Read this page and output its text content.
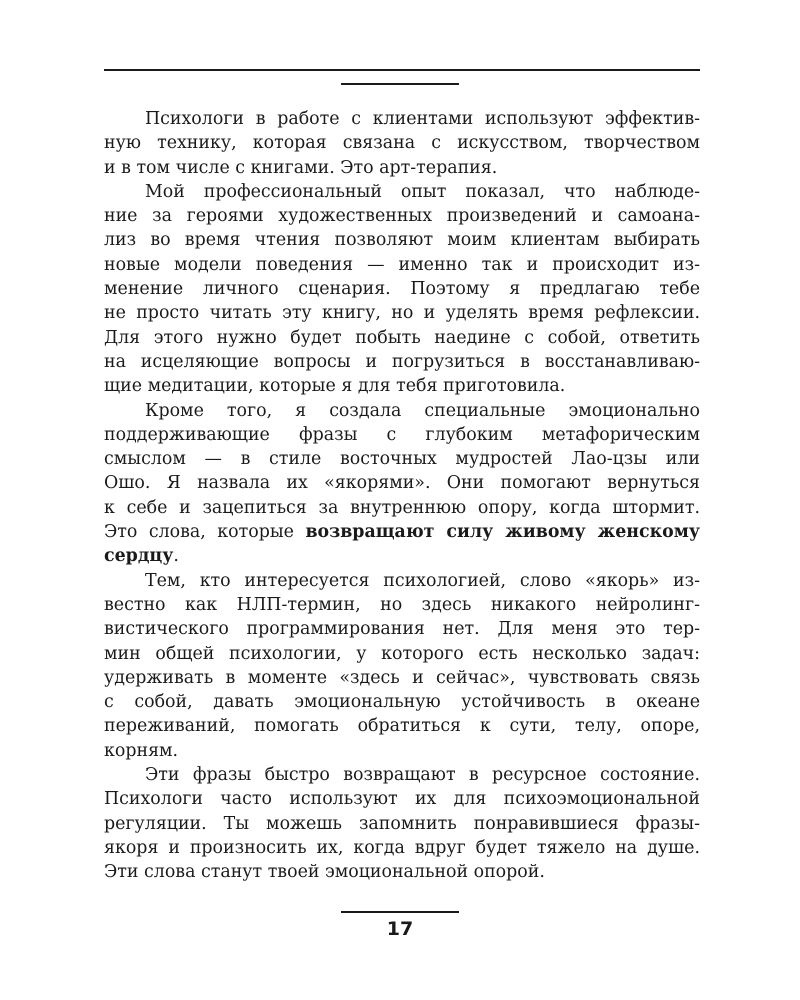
Психологи в работе с клиентами используют эффектив-
ную технику, которая связана с искусством, творчеством
и в том числе с книгами. Это арт-терапия.
Мой профессиональный опыт показал, что наблюде-
ние за героями художественных произведений и самоана-
лиз во время чтения позволяют моим клиентам выбирать
новые модели поведения — именно так и происходит из-
менение личного сценария. Поэтому я предлагаю тебе
не просто читать эту книгу, но и уделять время рефлексии.
Для этого нужно будет побыть наедине с собой, ответить
на исцеляющие вопросы и погрузиться в восстанавливаю-
щие медитации, которые я для тебя приготовила.
Кроме того, я создала специальные эмоционально
поддерживающие фразы с глубоким метафорическим
смыслом — в стиле восточных мудростей Лао-цзы или
Ошо. Я назвала их «якорями». Они помогают вернуться
к себе и зацепиться за внутреннюю опору, когда штормит.
Это слова, которые возвращают силу живому женскому
сердцу.
Тем, кто интересуется психологией, слово «якорь» из-
вестно как НЛП-термин, но здесь никакого нейролинг-
вистического программирования нет. Для меня это тер-
мин общей психологии, у которого есть несколько задач:
удерживать в моменте «здесь и сейчас», чувствовать связь
с собой, давать эмоциональную устойчивость в океане
переживаний, помогать обратиться к сути, телу, опоре,
корням.
Эти фразы быстро возвращают в ресурсное состояние.
Психологи часто используют их для психоэмоциональной
регуляции. Ты можешь запомнить понравившиеся фразы-
якоря и произносить их, когда вдруг будет тяжело на душе.
Эти слова станут твоей эмоциональной опорой.
17
